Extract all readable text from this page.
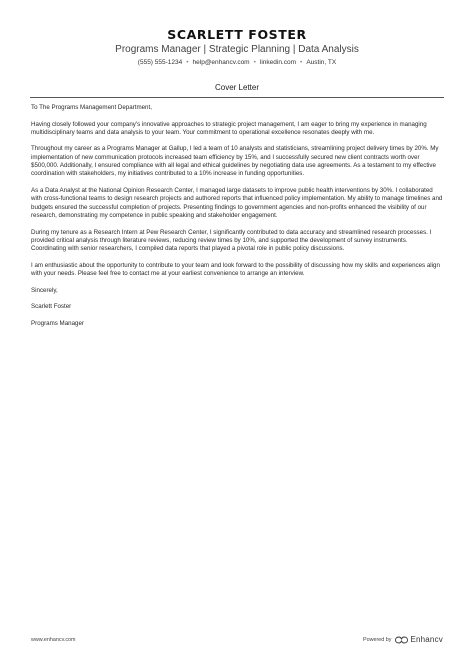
SCARLETT FOSTER
Programs Manager | Strategic Planning | Data Analysis
(555) 555-1234 • help@enhancv.com • linkedin.com • Austin, TX
Cover Letter

To The Programs Management Department,

Having closely followed your company's innovative approaches to strategic project management, I am eager to bring my experience in managing multidisciplinary teams and data analysis to your team. Your commitment to operational excellence resonates deeply with me.

Throughout my career as a Programs Manager at Gallup, I led a team of 10 analysts and statisticians, streamlining project delivery times by 20%. My implementation of new communication protocols increased team efficiency by 15%, and I successfully secured new client contracts worth over $500,000. Additionally, I ensured compliance with all legal and ethical guidelines by negotiating data use agreements. As a testament to my effective coordination with stakeholders, my initiatives contributed to a 10% increase in funding opportunities.

As a Data Analyst at the National Opinion Research Center, I managed large datasets to improve public health interventions by 30%. I collaborated with cross-functional teams to design research projects and authored reports that influenced policy implementation. My ability to manage timelines and budgets ensured the successful completion of projects. Presenting findings to government agencies and non-profits enhanced the visibility of our research, demonstrating my competence in public speaking and stakeholder engagement.

During my tenure as a Research Intern at Pew Research Center, I significantly contributed to data accuracy and streamlined research processes. I provided critical analysis through literature reviews, reducing review times by 10%, and supported the development of survey instruments. Coordinating with senior researchers, I compiled data reports that played a pivotal role in public policy discussions.

I am enthusiastic about the opportunity to contribute to your team and look forward to the possibility of discussing how my skills and experiences align with your needs. Please feel free to contact me at your earliest convenience to arrange an interview.

Sincerely,

Scarlett Foster

Programs Manager

www.enhancv.com	Powered by Enhancv
